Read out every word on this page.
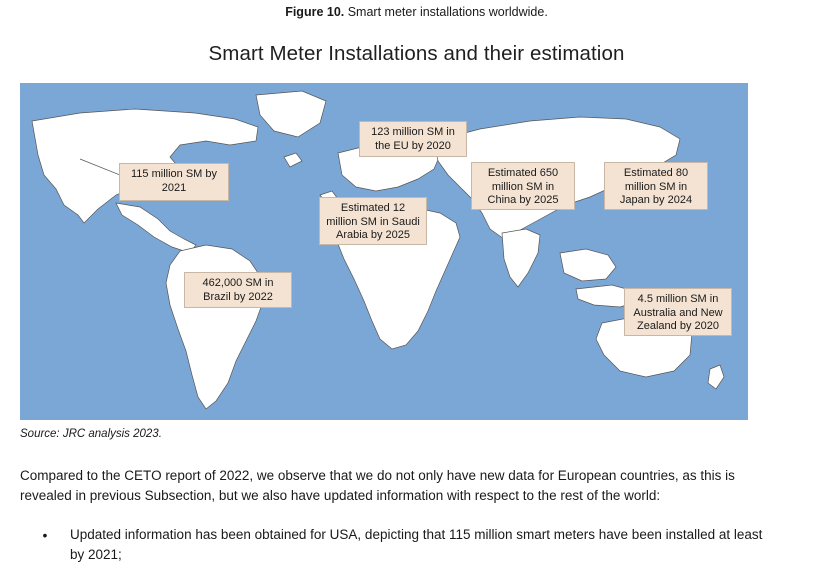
Figure 10. Smart meter installations worldwide.
Smart Meter Installations and their estimation
123 million SM in the EU by 2020
115 million SM by 2021
Estimated 650 million SM in China by 2025
Estimated 80 million SM in Japan by 2024
Estimated 12 million SM in Saudi Arabia by 2025
462,000 SM in Brazil by 2022	4.5 million SM in Australia and New Zealand by 2020
Source: JRC analysis 2023.
Compared to the CETO report of 2022, we observe that we do not only have new data for European countries, as this is revealed in previous Subsection, but we also have updated information with respect to the rest of the world:
•	Updated information has been obtained for USA, depicting that 115 million smart meters have been installed at least by 2021;
